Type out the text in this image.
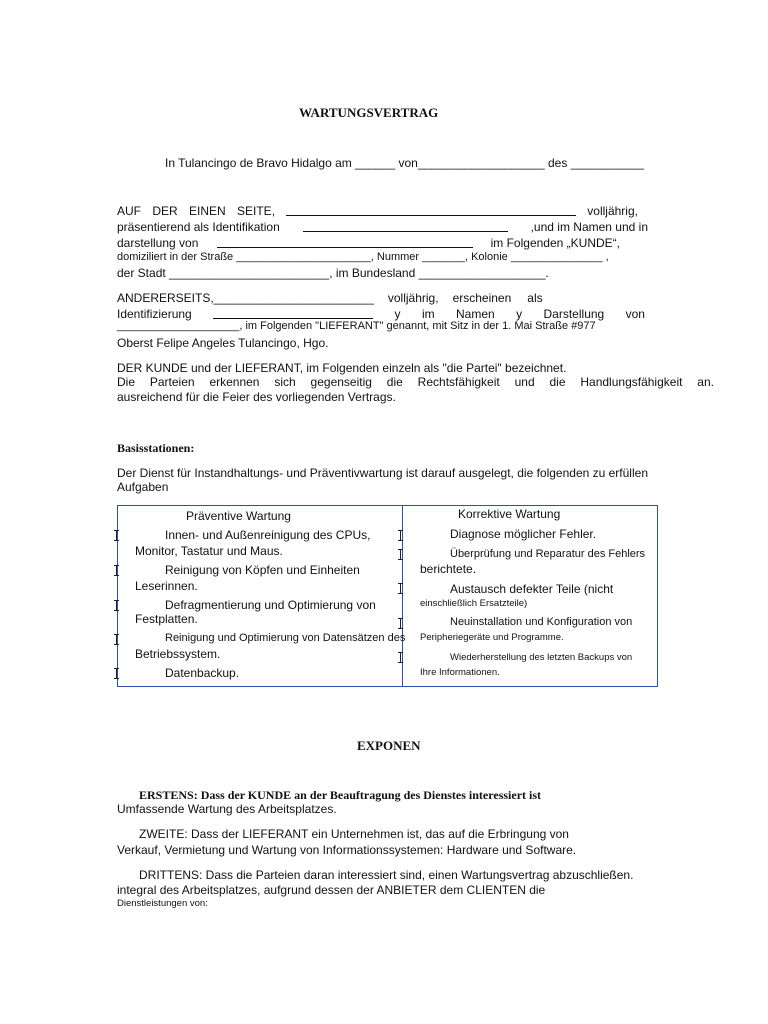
WARTUNGSVERTRAG
In Tulancingo de Bravo Hidalgo am ______ von___________________ des ___________
AUF DER EINEN SEITE,	volljährig,
präsentierend als Identifikation	,und im Namen und in
darstellung von	im Folgenden „KUNDE“,
domiziliert in der Straße ______________________, Nummer _______, Kolonie _______________ ,
der Stadt ________________________, im Bundesland ___________________.
ANDERERSEITS,________________________ volljährig, erscheinen als
Identifizierung	y im Namen y Darstellung von
____________________, im Folgenden "LIEFERANT" genannt, mit Sitz in der 1. Mai Straße #977
Oberst Felipe Angeles Tulancingo, Hgo.
DER KUNDE und der LIEFERANT, im Folgenden einzeln als "die Partei" bezeichnet.
Die Parteien erkennen sich gegenseitig die Rechtsfähigkeit und die Handlungsfähigkeit an.
ausreichend für die Feier des vorliegenden Vertrags.
Basisstationen:
Der Dienst für Instandhaltungs- und Präventivwartung ist darauf ausgelegt, die folgenden zu erfüllen
Aufgaben
Präventive Wartung	Korrektive Wartung
Innen- und Außenreinigung des CPUs,
Monitor, Tastatur und Maus.
Reinigung von Köpfen und Einheiten
Leserinnen.
Defragmentierung und Optimierung von
Festplatten.
Reinigung und Optimierung von Datensätzen des
Betriebssystem.
Datenbackup.
Diagnose möglicher Fehler.
Überprüfung und Reparatur des Fehlers
berichtete.
Austausch defekter Teile (nicht
einschließlich Ersatzteile)
Neuinstallation und Konfiguration von
Peripheriegeräte und Programme.
Wiederherstellung des letzten Backups von
Ihre Informationen.
EXPONEN
ERSTENS: Dass der KUNDE an der Beauftragung des Dienstes interessiert ist
Umfassende Wartung des Arbeitsplatzes.
ZWEITE: Dass der LIEFERANT ein Unternehmen ist, das auf die Erbringung von
Verkauf, Vermietung und Wartung von Informationssystemen: Hardware und Software.
DRITTENS: Dass die Parteien daran interessiert sind, einen Wartungsvertrag abzuschließen.
integral des Arbeitsplatzes, aufgrund dessen der ANBIETER dem CLIENTEN die
Dienstleistungen von:
